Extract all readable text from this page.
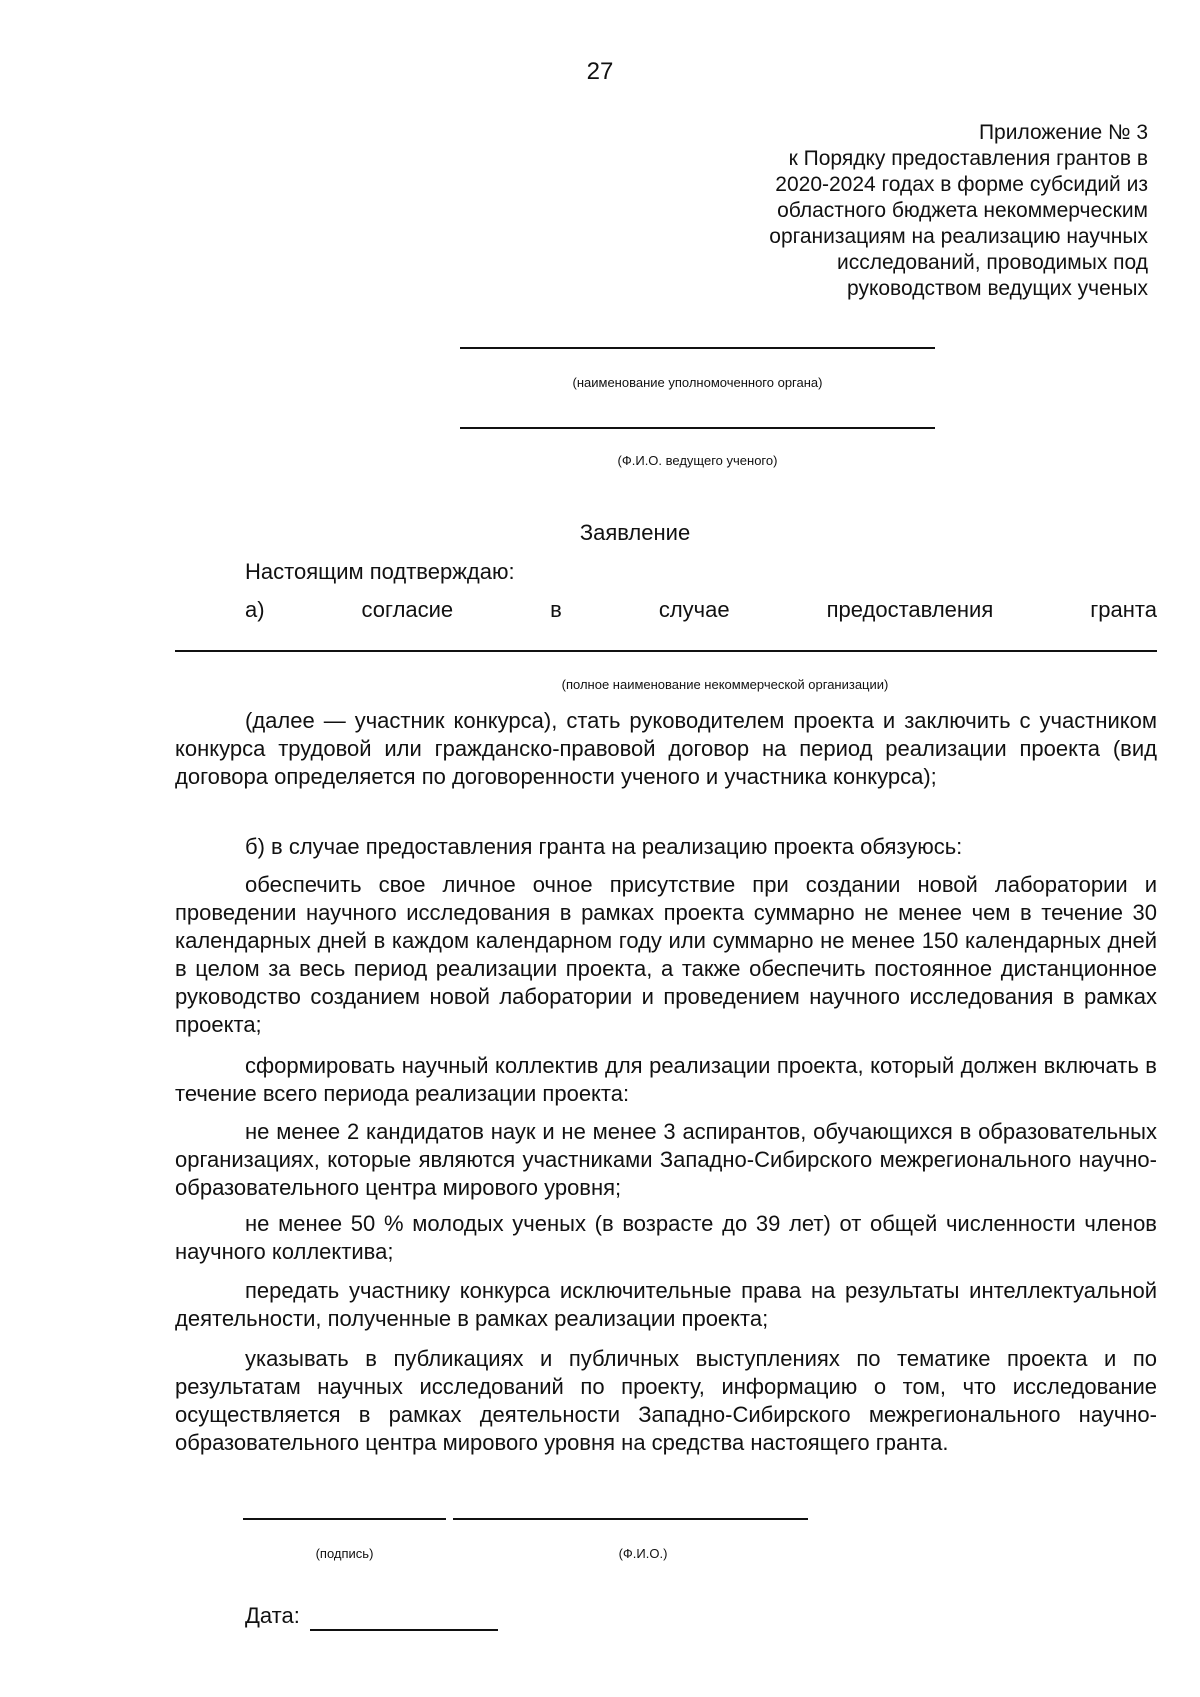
27
Приложение № 3
к Порядку предоставления грантов в
2020-2024 годах в форме субсидий из
областного бюджета некоммерческим
организациям на реализацию научных
исследований, проводимых под
руководством ведущих ученых
(наименование уполномоченного органа)
(Ф.И.О. ведущего ученого)
Заявление

Настоящим подтверждаю:

а)	согласие	в	случае	предоставления	гранта
(полное наименование некоммерческой организации)

(далее — участник конкурса), стать руководителем проекта и заключить с участником конкурса трудовой или гражданско-правовой договор на период реализации проекта (вид договора определяется по договоренности ученого и участника конкурса);

б) в случае предоставления гранта на реализацию проекта обязуюсь:

обеспечить свое личное очное присутствие при создании новой лаборатории и проведении научного исследования в рамках проекта суммарно не менее чем в течение 30 календарных дней в каждом календарном году или суммарно не менее 150 календарных дней в целом за весь период реализации проекта, а также обеспечить постоянное дистанционное руководство созданием новой лаборатории и проведением научного исследования в рамках проекта;

сформировать научный коллектив для реализации проекта, который должен включать в течение всего периода реализации проекта:

не менее 2 кандидатов наук и не менее 3 аспирантов, обучающихся в образовательных организациях, которые являются участниками Западно-Сибирского межрегионального научно-образовательного центра мирового уровня;

не менее 50 % молодых ученых (в возрасте до 39 лет) от общей численности членов научного коллектива;

передать участнику конкурса исключительные права на результаты интеллектуальной деятельности, полученные в рамках реализации проекта;

указывать в публикациях и публичных выступлениях по тематике проекта и по результатам научных исследований по проекту, информацию о том, что исследование осуществляется в рамках деятельности Западно-Сибирского межрегионального научно-образовательного центра мирового уровня на средства настоящего гранта.

(подпись)	(Ф.И.О.)
Дата:
